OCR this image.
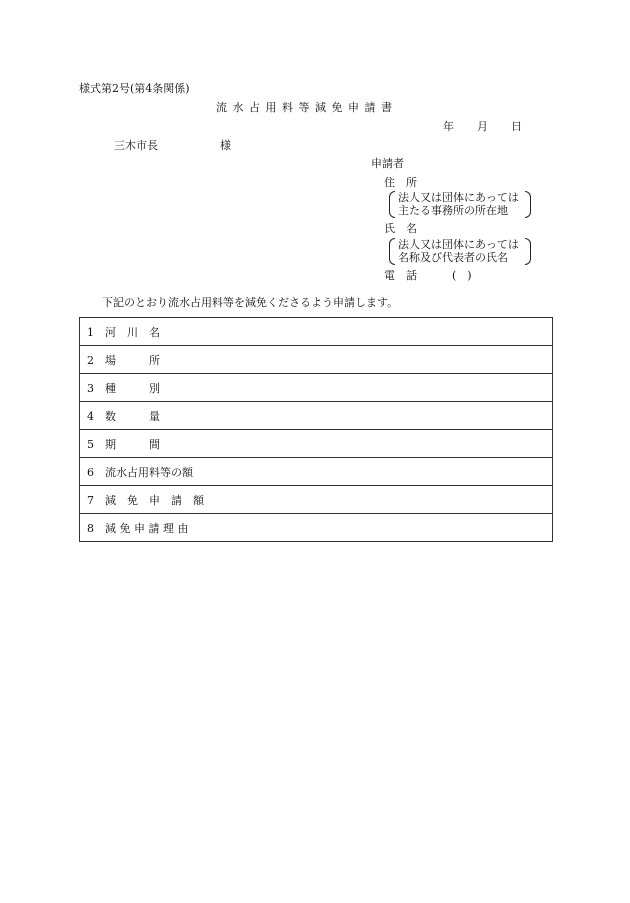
様式第2号(第4条関係)
流 水 占 用 料 等 減 免 申 請 書
年 月 日
三木市長	様
申請者
住　所
法人又は団体にあっては
主たる事務所の所在地
氏　名
法人又は団体にあっては
名称及び代表者の氏名
電　話	(　)
下記のとおり流水占用料等を減免くださるよう申請します。
1 河　川　名
2 場　　　所
3 種　　　別
4 数　　　量
5 期　　　間
6 流水占用料等の額
7 減　免　申　請　額
8 減 免 申 請 理 由
